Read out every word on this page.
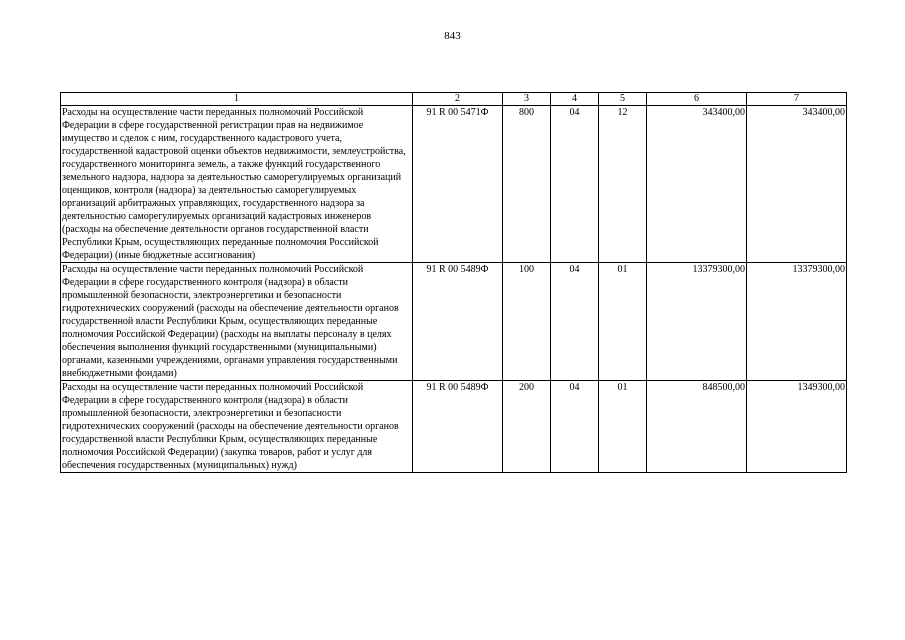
843
1	2	3	4	5	6	7
Расходы на осуществление части переданных полномочий Российской Федерации в сфере государственной регистрации прав на недвижимое имущество и сделок с ним, государственного кадастрового учета, государственной кадастровой оценки объектов недвижимости, землеустройства, государственного мониторинга земель, а также функций государственного земельного надзора, надзора за деятельностью саморегулируемых организаций оценщиков, контроля (надзора) за деятельностью саморегулируемых организаций арбитражных управляющих, государственного надзора за деятельностью саморегулируемых организаций кадастровых инженеров (расходы на обеспечение деятельности органов государственной власти Республики Крым, осуществляющих переданные полномочия Российской Федерации) (иные бюджетные ассигнования)	91 R 00 5471Ф	800	04	12	343400,00	343400,00
Расходы на осуществление части переданных полномочий Российской Федерации в сфере государственного контроля (надзора) в области промышленной безопасности, электроэнергетики и безопасности гидротехнических сооружений (расходы на обеспечение деятельности органов государственной власти Республики Крым, осуществляющих переданные полномочия Российской Федерации) (расходы на выплаты персоналу в целях обеспечения выполнения функций государственными (муниципальными) органами, казенными учреждениями, органами управления государственными внебюджетными фондами)	91 R 00 5489Ф	100	04	01	13379300,00	13379300,00
Расходы на осуществление части переданных полномочий Российской Федерации в сфере государственного контроля (надзора) в области промышленной безопасности, электроэнергетики и безопасности гидротехнических сооружений (расходы на обеспечение деятельности органов государственной власти Республики Крым, осуществляющих переданные полномочия Российской Федерации) (закупка товаров, работ и услуг для обеспечения государственных (муниципальных) нужд)	91 R 00 5489Ф	200	04	01	848500,00	1349300,00
